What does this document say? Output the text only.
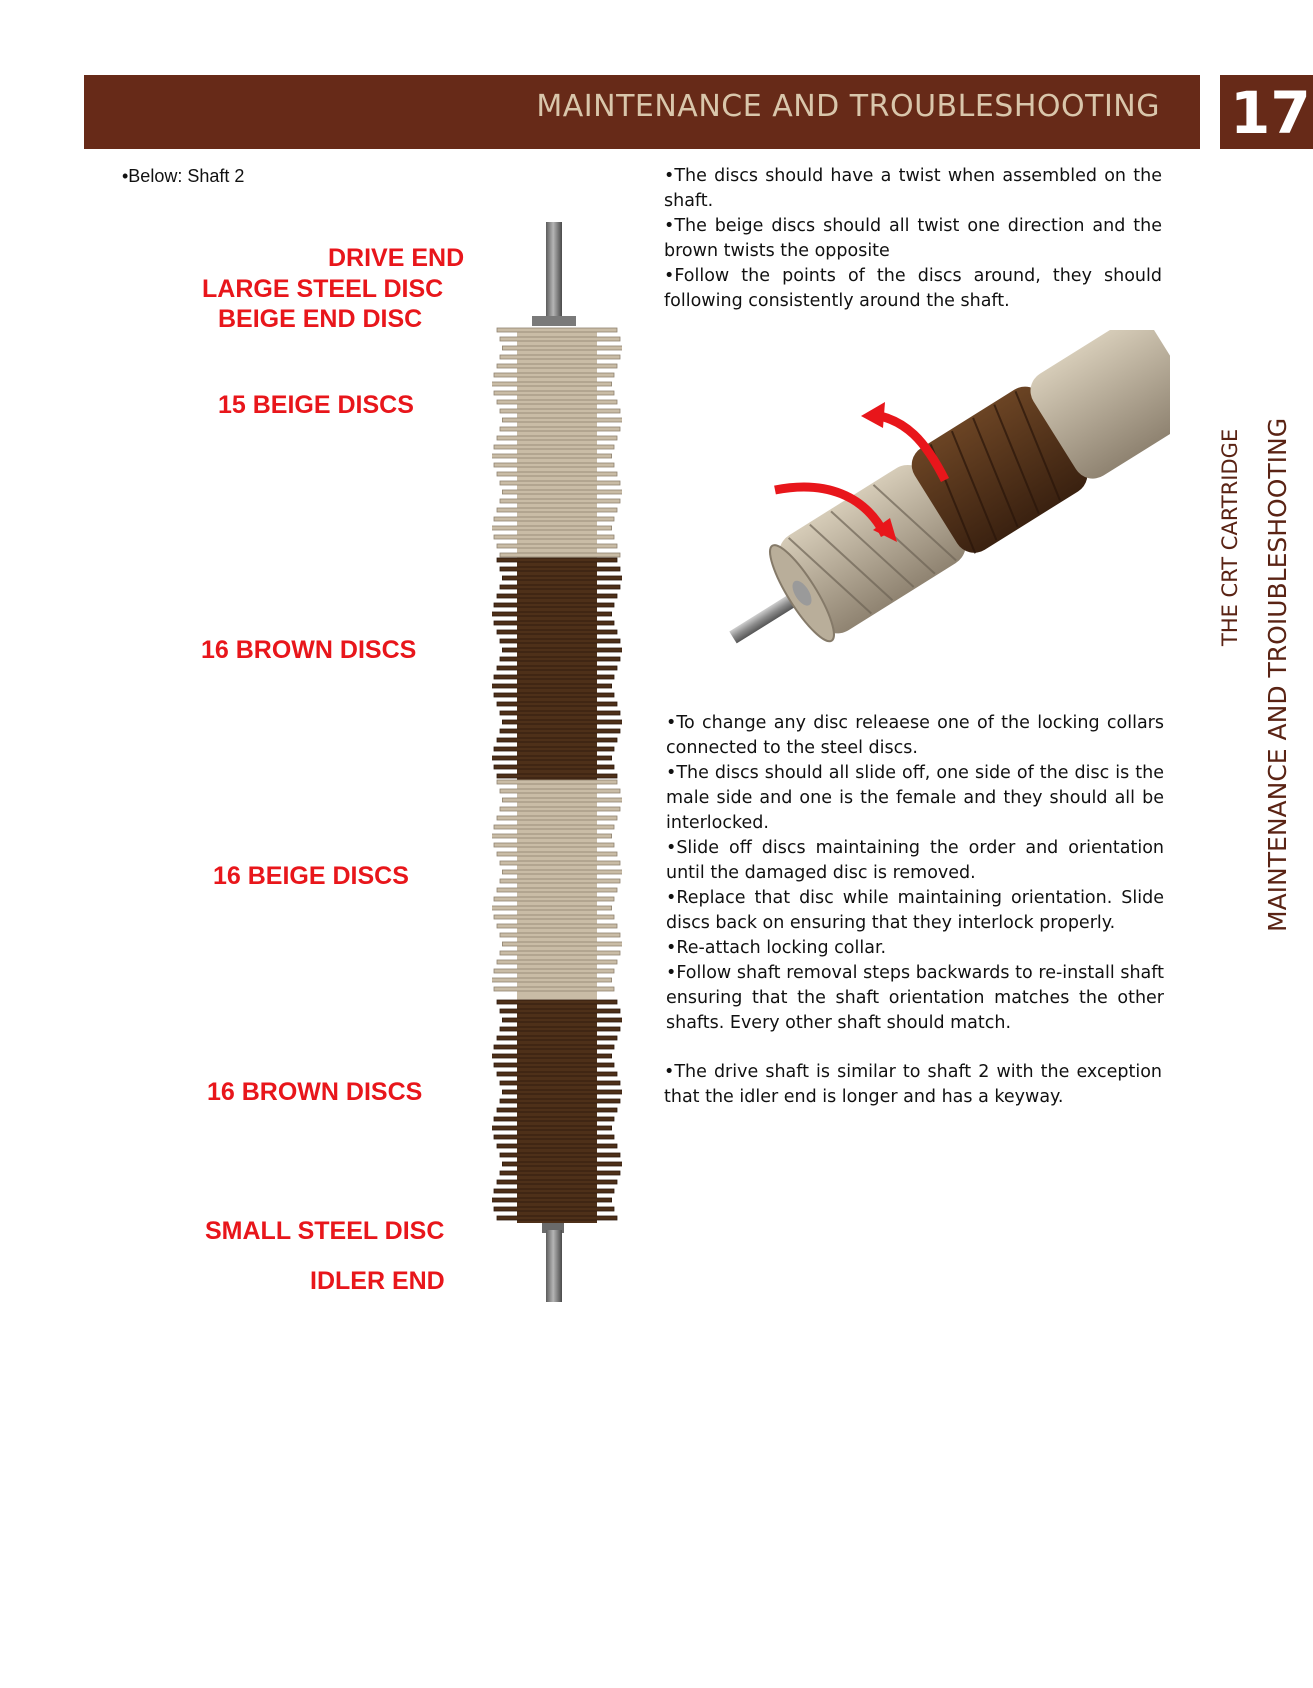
MAINTENANCE AND TROUBLESHOOTING 17
THE CRT CARTRIDGE MAINTENANCE AND TROIUBLESHOOTING
•Below: Shaft 2
DRIVE END
LARGE STEEL DISC
BEIGE END DISC
15 BEIGE DISCS
16 BROWN DISCS
16 BEIGE DISCS
16 BROWN DISCS
SMALL STEEL DISC
IDLER END

•The discs should have a twist when assembled on the shaft.

•The beige discs should all twist one direction and the brown twists the opposite

•Follow the points of the discs around, they should following consistently around the shaft.

•To change any disc releaese one of the locking collars connected to the steel discs.

•The discs should all slide off, one side of the disc is the male side and one is the female and they should all be interlocked.

•Slide off discs maintaining the order and orientation until the damaged disc is removed.

•Replace that disc while maintaining orientation. Slide discs back on ensuring that they interlock properly.

•Re-attach locking collar.

•Follow shaft removal steps backwards to re-install shaft ensuring that the shaft orientation matches the other shafts. Every other shaft should match.

•The drive shaft is similar to shaft 2 with the exception that the idler end is longer and has a keyway.
